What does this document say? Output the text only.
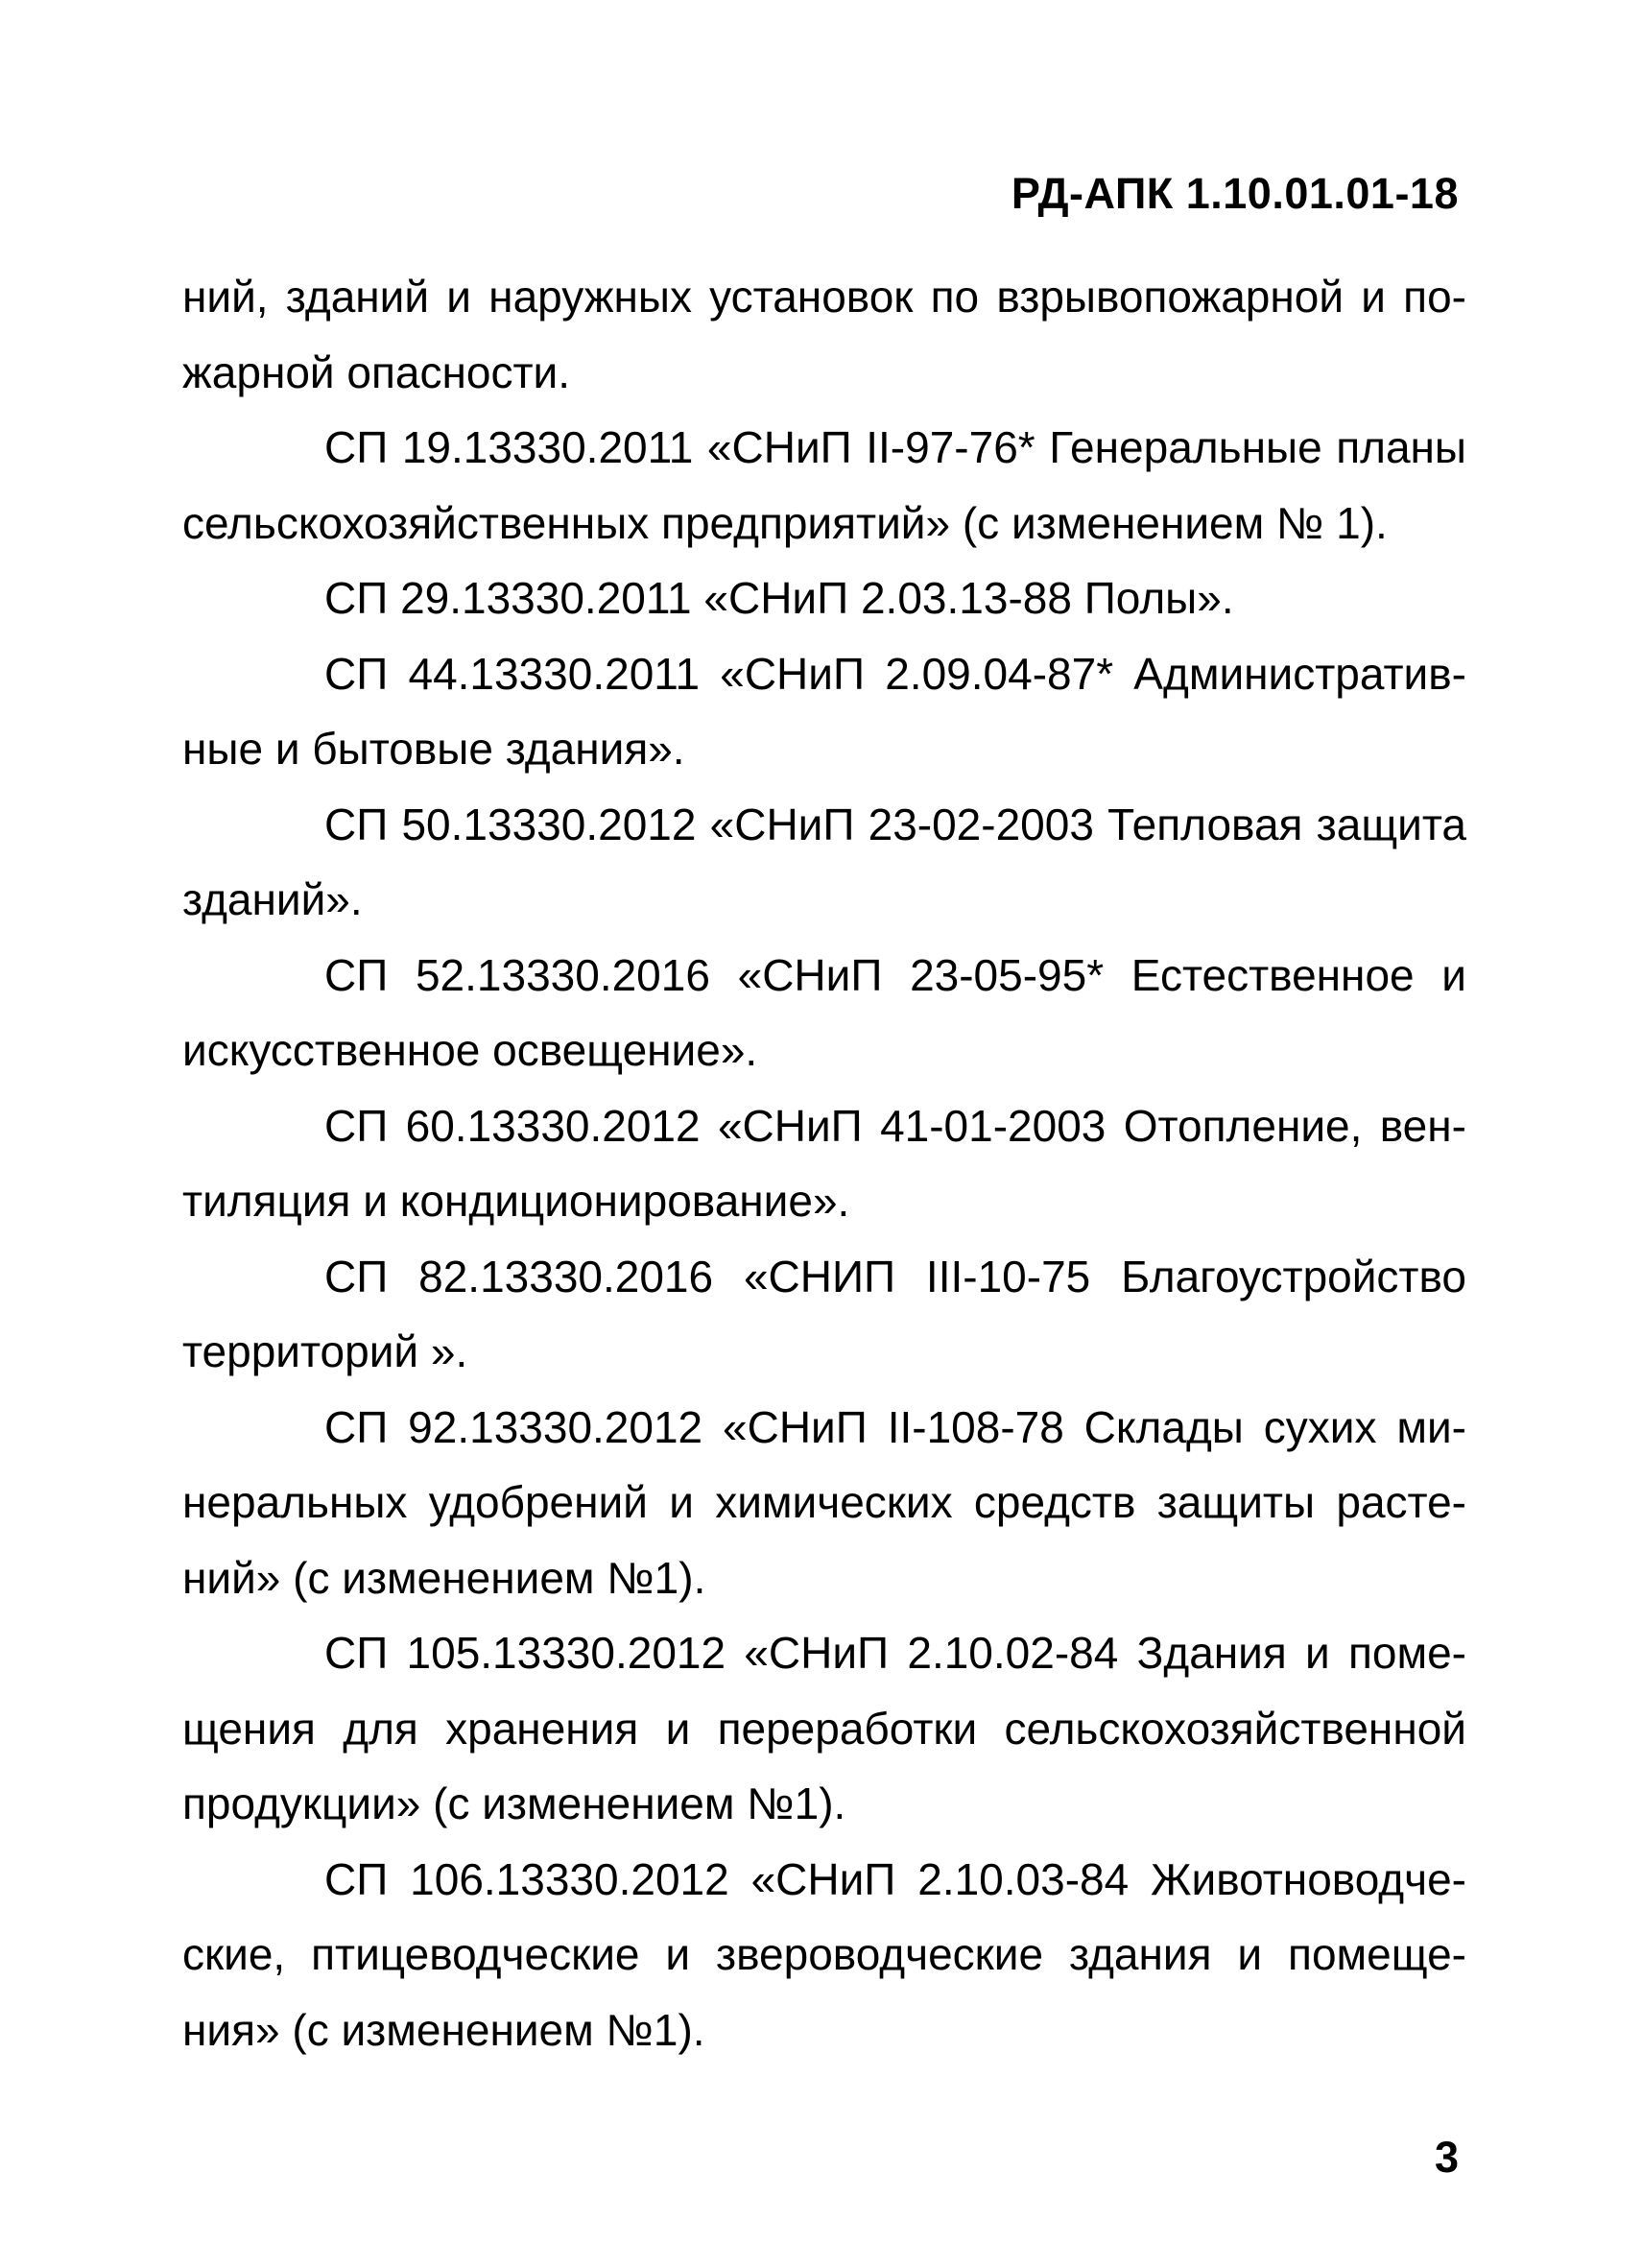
РД-АПК 1.10.01.01-18

ний, зданий и наружных установок по взрывопожарной и пожарной опасности.

СП 19.13330.2011 «СНиП II-97-76* Генеральные планы сельскохозяйственных предприятий» (с изменением № 1).

СП 29.13330.2011 «СНиП 2.03.13-88 Полы».

СП 44.13330.2011 «СНиП 2.09.04-87* Административные и бытовые здания».

СП 50.13330.2012 «СНиП 23-02-2003 Тепловая защита зданий».

СП 52.13330.2016 «СНиП 23-05-95* Естественное и искусственное освещение».

СП 60.13330.2012 «СНиП 41-01-2003 Отопление, вентиляция и кондиционирование».

СП 82.13330.2016 «СНИП III-10-75 Благоустройство территорий ».

СП 92.13330.2012 «СНиП II-108-78 Склады сухих минеральных удобрений и химических средств защиты растений» (с изменением №1).

СП 105.13330.2012 «СНиП 2.10.02-84 Здания и помещения для хранения и переработки сельскохозяйственной продукции» (с изменением №1).

СП 106.13330.2012 «СНиП 2.10.03-84 Животноводческие, птицеводческие и звероводческие здания и помещения» (с изменением №1).

3
